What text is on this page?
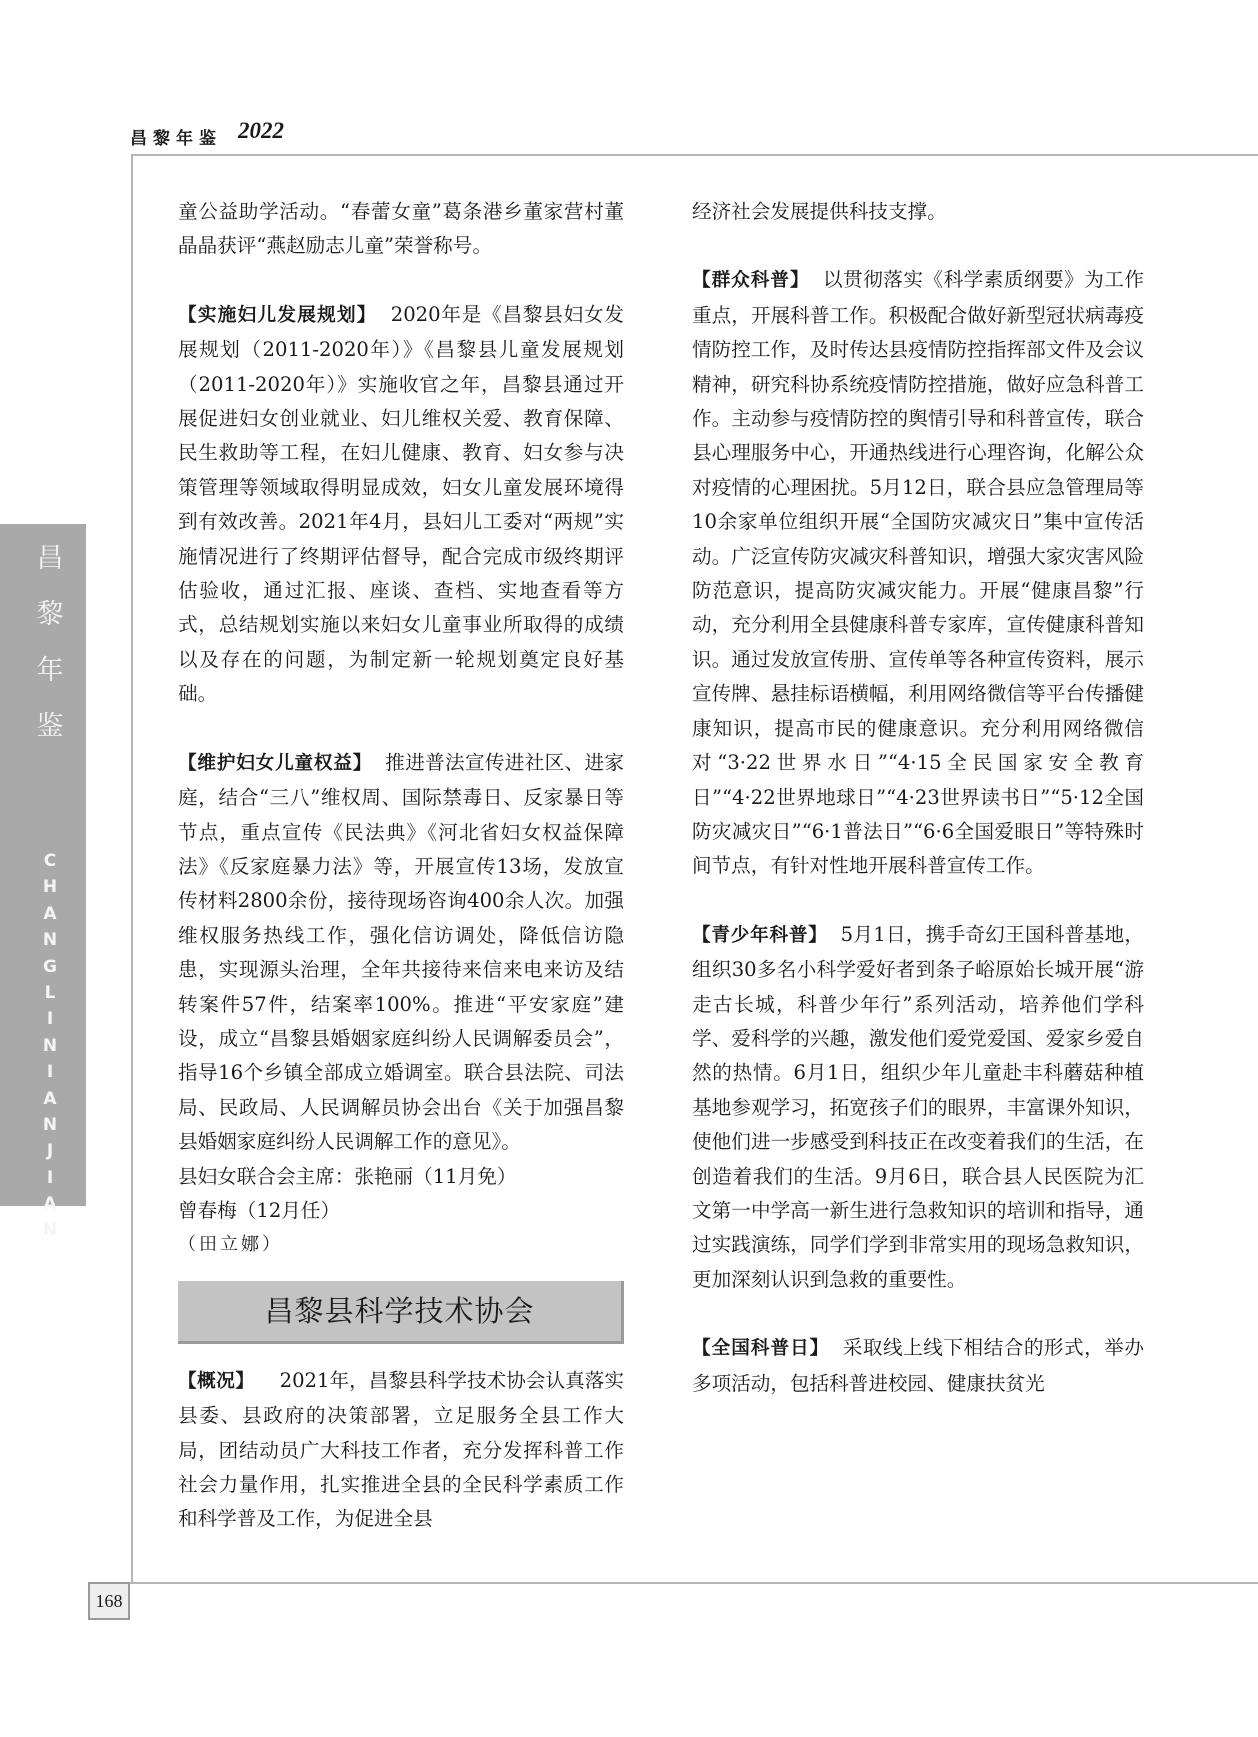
昌黎年鉴 2022
昌
黎
年
鉴
C
H
A
N
G
L
I
N
I
A
N
J
I
A
N
168

童公益助学活动。“春蕾女童”葛条港乡董家营村董晶晶获评“燕赵励志儿童”荣誉称号。

【实施妇儿发展规划】 2020年是《昌黎县妇女发展规划（2011-2020年）》《昌黎县儿童发展规划（2011-2020年）》实施收官之年，昌黎县通过开展促进妇女创业就业、妇儿维权关爱、教育保障、民生救助等工程，在妇儿健康、教育、妇女参与决策管理等领域取得明显成效，妇女儿童发展环境得到有效改善。2021年4月，县妇儿工委对“两规”实施情况进行了终期评估督导，配合完成市级终期评估验收，通过汇报、座谈、查档、实地查看等方式，总结规划实施以来妇女儿童事业所取得的成绩以及存在的问题，为制定新一轮规划奠定良好基础。

【维护妇女儿童权益】 推进普法宣传进社区、进家庭，结合“三八”维权周、国际禁毒日、反家暴日等节点，重点宣传《民法典》《河北省妇女权益保障法》《反家庭暴力法》等，开展宣传13场，发放宣传材料2800余份，接待现场咨询400余人次。加强维权服务热线工作，强化信访调处，降低信访隐患，实现源头治理，全年共接待来信来电来访及结转案件57件，结案率100%。推进“平安家庭”建设，成立“昌黎县婚姻家庭纠纷人民调解委员会”，指导16个乡镇全部成立婚调室。联合县法院、司法局、民政局、人民调解员协会出台《关于加强昌黎县婚姻家庭纠纷人民调解工作的意见》。

县妇女联合会主席：张艳丽（11月免）

曾春梅（12月任）

（田立娜）

昌黎县科学技术协会

【概况】 2021年，昌黎县科学技术协会认真落实县委、县政府的决策部署，立足服务全县工作大局，团结动员广大科技工作者，充分发挥科普工作社会力量作用，扎实推进全县的全民科学素质工作和科学普及工作，为促进全县

经济社会发展提供科技支撑。

【群众科普】 以贯彻落实《科学素质纲要》为工作重点，开展科普工作。积极配合做好新型冠状病毒疫情防控工作，及时传达县疫情防控指挥部文件及会议精神，研究科协系统疫情防控措施，做好应急科普工作。主动参与疫情防控的舆情引导和科普宣传，联合县心理服务中心，开通热线进行心理咨询，化解公众对疫情的心理困扰。5月12日，联合县应急管理局等10余家单位组织开展“全国防灾减灾日”集中宣传活动。广泛宣传防灾减灾科普知识，增强大家灾害风险防范意识，提高防灾减灾能力。开展“健康昌黎”行动，充分利用全县健康科普专家库，宣传健康科普知识。通过发放宣传册、宣传单等各种宣传资料，展示宣传牌、悬挂标语横幅，利用网络微信等平台传播健康知识，提高市民的健康意识。充分利用网络微信对“3·22世界水日”“4·15全民国家安全教育日”“4·22世界地球日”“4·23世界读书日”“5·12全国防灾减灾日”“6·1普法日”“6·6全国爱眼日”等特殊时间节点，有针对性地开展科普宣传工作。

【青少年科普】 5月1日，携手奇幻王国科普基地，组织30多名小科学爱好者到条子峪原始长城开展“游走古长城，科普少年行”系列活动，培养他们学科学、爱科学的兴趣，激发他们爱党爱国、爱家乡爱自然的热情。6月1日，组织少年儿童赴丰科蘑菇种植基地参观学习，拓宽孩子们的眼界，丰富课外知识，使他们进一步感受到科技正在改变着我们的生活，在创造着我们的生活。9月6日，联合县人民医院为汇文第一中学高一新生进行急救知识的培训和指导，通过实践演练，同学们学到非常实用的现场急救知识，更加深刻认识到急救的重要性。

【全国科普日】 采取线上线下相结合的形式，举办多项活动，包括科普进校园、健康扶贫光
